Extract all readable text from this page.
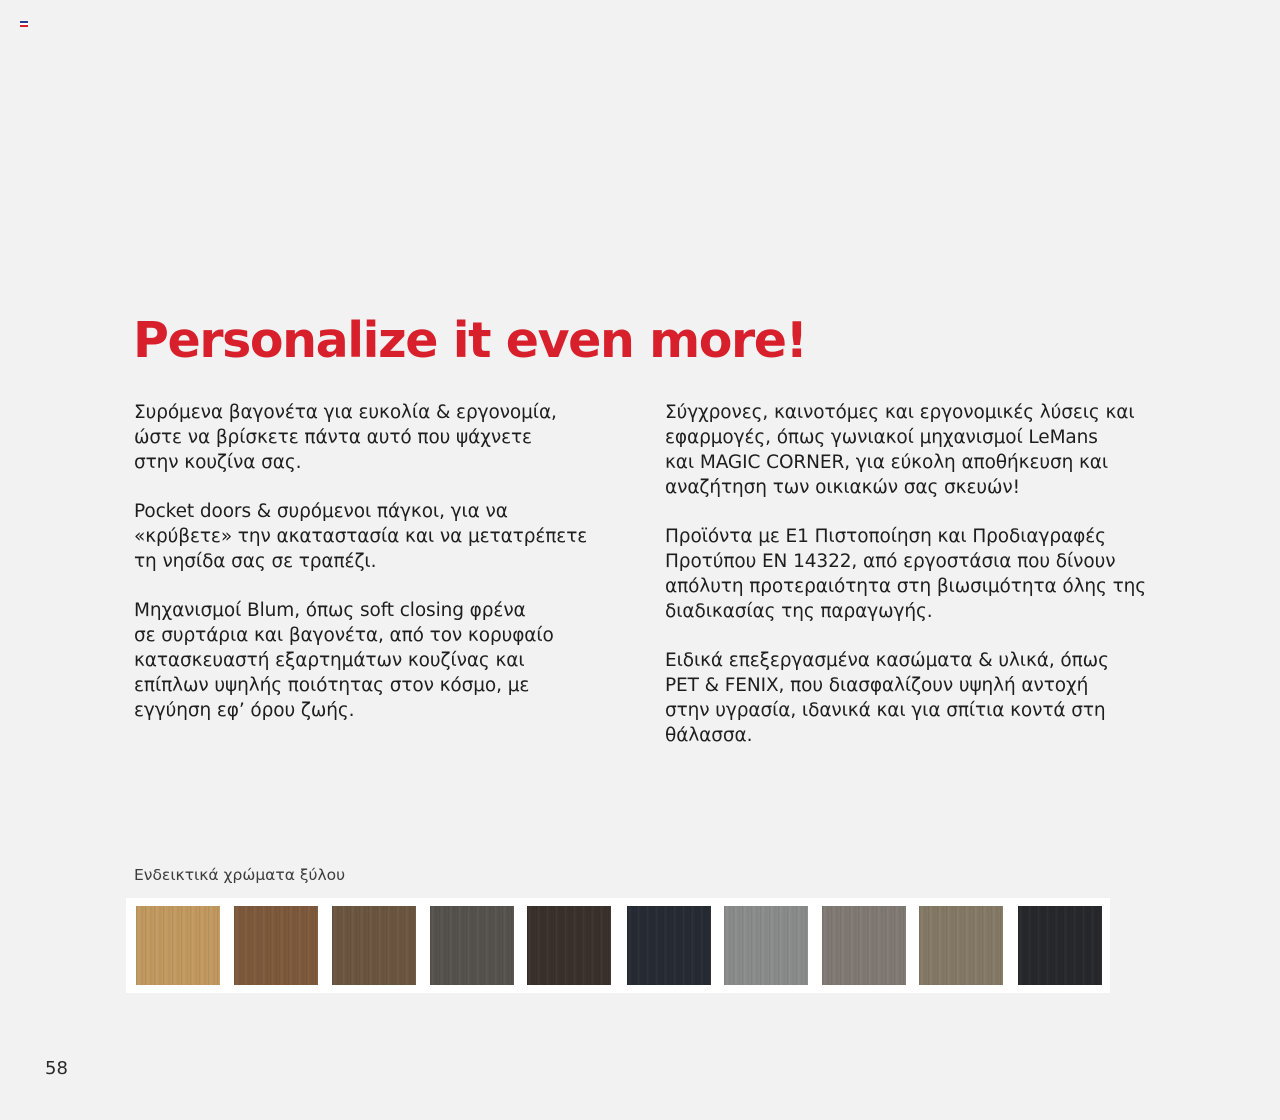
Personalize it even more!

Συρόμενα βαγονέτα για ευκολία & εργονομία,
ώστε να βρίσκετε πάντα αυτό που ψάχνετε
στην κουζίνα σας.

Pocket doors & συρόμενοι πάγκοι, για να
«κρύβετε» την ακαταστασία και να μετατρέπετε
τη νησίδα σας σε τραπέζι.

Μηχανισμοί Blum, όπως soft closing φρένα
σε συρτάρια και βαγονέτα, από τον κορυφαίο
κατασκευαστή εξαρτημάτων κουζίνας και
επίπλων υψηλής ποιότητας στον κόσμο, με
εγγύηση εφ’ όρου ζωής.

Σύγχρονες, καινοτόμες και εργονομικές λύσεις και
εφαρμογές, όπως γωνιακοί μηχανισμοί LeMans
και MAGIC CORNER, για εύκολη αποθήκευση και
αναζήτηση των οικιακών σας σκευών!

Προϊόντα με Ε1 Πιστοποίηση και Προδιαγραφές
Προτύπου EN 14322, από εργοστάσια που δίνουν
απόλυτη προτεραιότητα στη βιωσιμότητα όλης της
διαδικασίας της παραγωγής.

Ειδικά επεξεργασμένα κασώματα & υλικά, όπως
PET & FENIX, που διασφαλίζουν υψηλή αντοχή
στην υγρασία, ιδανικά και για σπίτια κοντά στη
θάλασσα.

Ενδεικτικά χρώματα ξύλου
58
